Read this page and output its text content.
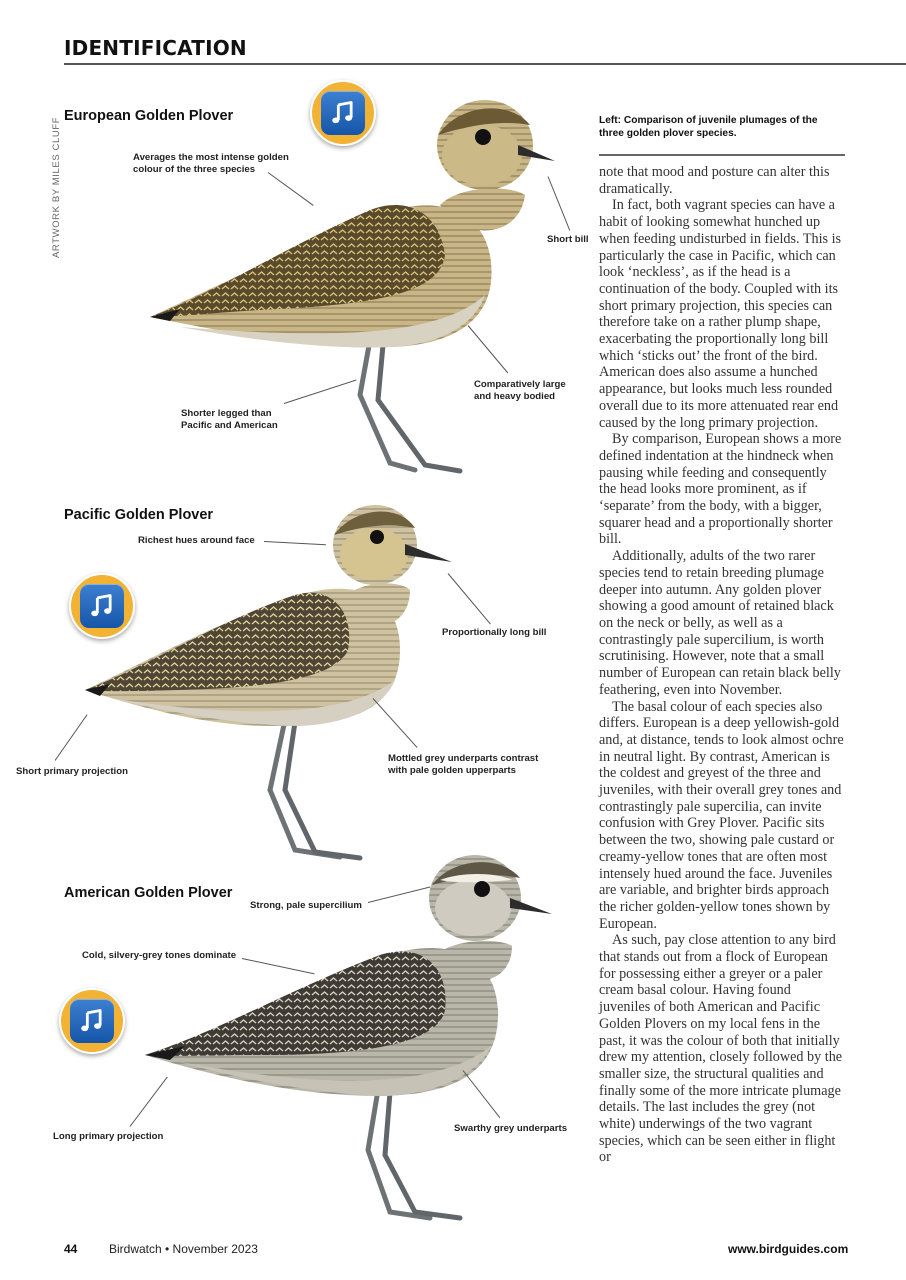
IDENTIFICATION
ARTWORK BY MILES CLUFF
European Golden Plover
Averages the most intense golden colour of the three species
Short bill
Comparatively large and heavy bodied
Shorter legged than Pacific and American
Pacific Golden Plover
Richest hues around face
Proportionally long bill
Mottled grey underparts contrast with pale golden upperparts
Short primary projection
American Golden Plover
Strong, pale supercilium
Cold, silvery-grey tones dominate
Swarthy grey underparts
Long primary projection
Left: Comparison of juvenile plumages of the three golden plover species.

note that mood and posture can alter this dramatically.

In fact, both vagrant species can have a habit of looking somewhat hunched up when feeding undisturbed in fields. This is particularly the case in Pacific, which can look ‘neckless’, as if the head is a continuation of the body. Coupled with its short primary projection, this species can therefore take on a rather plump shape, exacerbating the proportionally long bill which ‘sticks out’ the front of the bird. American does also assume a hunched appearance, but looks much less rounded overall due to its more attenuated rear end caused by the long primary projection.

By comparison, European shows a more defined indentation at the hindneck when pausing while feeding and consequently the head looks more prominent, as if ‘separate’ from the body, with a bigger, squarer head and a proportionally shorter bill.

Additionally, adults of the two rarer species tend to retain breeding plumage deeper into autumn. Any golden plover showing a good amount of retained black on the neck or belly, as well as a contrastingly pale supercilium, is worth scrutinising. However, note that a small number of European can retain black belly feathering, even into November.

The basal colour of each species also differs. European is a deep yellowish-gold and, at distance, tends to look almost ochre in neutral light. By contrast, American is the coldest and greyest of the three and juveniles, with their overall grey tones and contrastingly pale supercilia, can invite confusion with Grey Plover. Pacific sits between the two, showing pale custard or creamy-yellow tones that are often most intensely hued around the face. Juveniles are variable, and brighter birds approach the richer golden-yellow tones shown by European.

As such, pay close attention to any bird that stands out from a flock of European for possessing either a greyer or a paler cream basal colour. Having found juveniles of both American and Pacific Golden Plovers on my local fens in the past, it was the colour of both that initially drew my attention, closely followed by the smaller size, the structural qualities and finally some of the more intricate plumage details. The last includes the grey (not white) underwings of the two vagrant species, which can be seen either in flight or

44	Birdwatch • November 2023	www.birdguides.com
